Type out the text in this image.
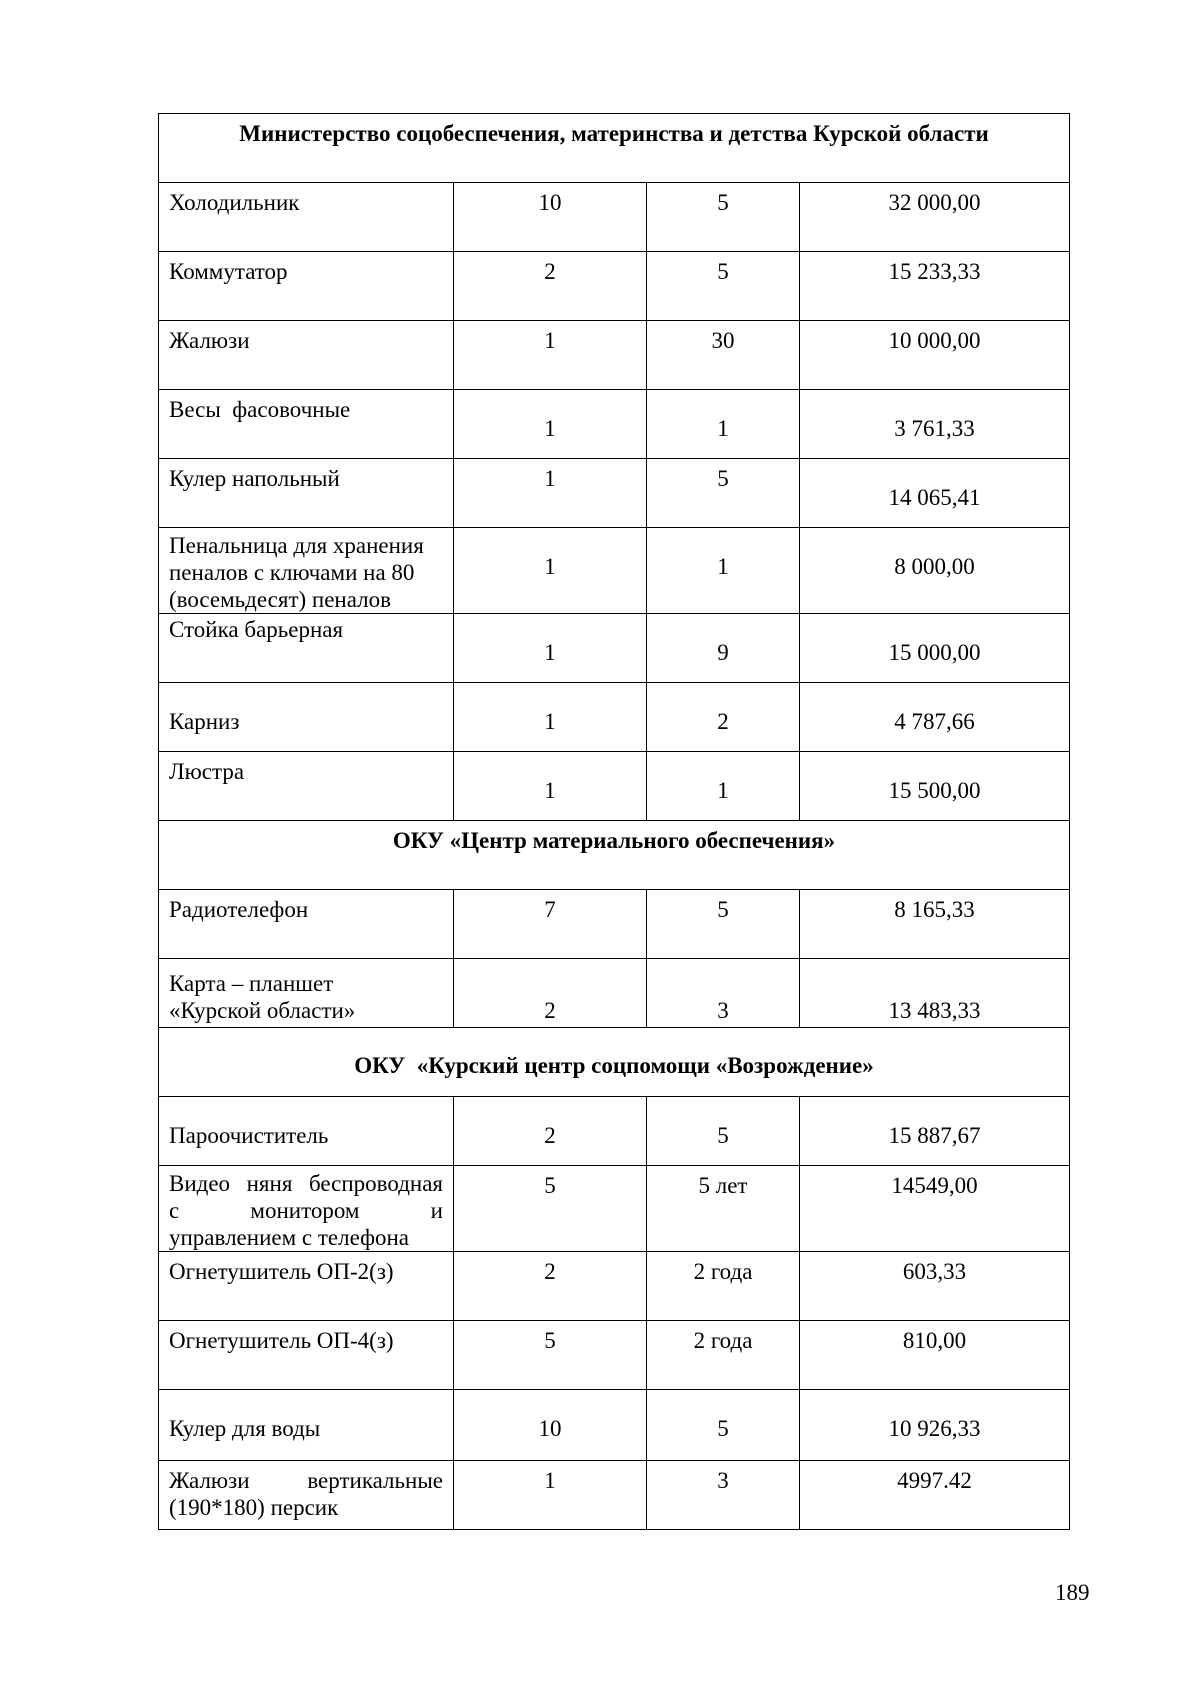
Министерство соцобеспечения, материнства и детства Курской области			
Холодильник	10	5	32 000,00
Коммутатор	2	5	15 233,33
Жалюзи	1	30	10 000,00
Весы  фасовочные	1	1	3 761,33
Кулер напольный	1	5	14 065,41

Пенальница для хранения
пеналов с ключами на 80
(восемьдесят) пеналов	1	1	8 000,00
Стойка барьерная	1	9	15 000,00
Карниз	1	2	4 787,66
Люстра	1	1	15 500,00
ОКУ «Центр материального обеспечения»			
Радиотелефон	7	5	8 165,33

Карта – планшет
«Курской области»	2	3	13 483,33
ОКУ  «Курский центр соцпомощи «Возрождение»			
Пароочиститель	2	5	15 887,67

Видео няня беспроводная
с монитором и
управлением с телефона	5	5 лет	14549,00
Огнетушитель ОП-2(з)	2	2 года	603,33
Огнетушитель ОП-4(з)	5	2 года	810,00
Кулер для воды	10	5	10 926,33

Жалюзи вертикальные
(190*180) персик	1	3	4997.42
189
